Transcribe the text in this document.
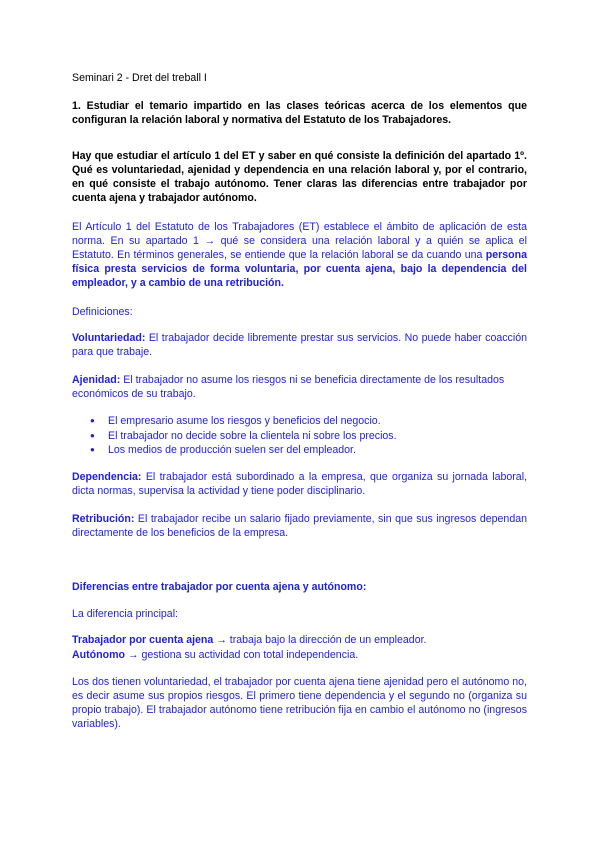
Seminari 2 - Dret del treball I

1. Estudiar el temario impartido en las clases teóricas acerca de los elementos que configuran la relación laboral y normativa del Estatuto de los Trabajadores.

Hay que estudiar el artículo 1 del ET y saber en qué consiste la definición del apartado 1º. Qué es voluntariedad, ajenidad y dependencia en una relación laboral y, por el contrario, en qué consiste el trabajo autónomo. Tener claras las diferencias entre trabajador por cuenta ajena y trabajador autónomo.

El Artículo 1 del Estatuto de los Trabajadores (ET) establece el ámbito de aplicación de esta norma. En su apartado 1 → qué se considera una relación laboral y a quién se aplica el Estatuto. En términos generales, se entiende que la relación laboral se da cuando una persona física presta servicios de forma voluntaria, por cuenta ajena, bajo la dependencia del empleador, y a cambio de una retribución.

Definiciones:

Voluntariedad: El trabajador decide libremente prestar sus servicios. No puede haber coacción para que trabaje.

Ajenidad: El trabajador no asume los riesgos ni se beneficia directamente de los resultados económicos de su trabajo.

● El empresario asume los riesgos y beneficios del negocio.
● El trabajador no decide sobre la clientela ni sobre los precios.
● Los medios de producción suelen ser del empleador.

Dependencia: El trabajador está subordinado a la empresa, que organiza su jornada laboral, dicta normas, supervisa la actividad y tiene poder disciplinario.

Retribución: El trabajador recibe un salario fijado previamente, sin que sus ingresos dependan directamente de los beneficios de la empresa.

Diferencias entre trabajador por cuenta ajena y autónomo:

La diferencia principal:

Trabajador por cuenta ajena → trabaja bajo la dirección de un empleador.

Autónomo → gestiona su actividad con total independencia.

Los dos tienen voluntariedad, el trabajador por cuenta ajena tiene ajenidad pero el autónomo no, es decir asume sus propios riesgos. El primero tiene dependencia y el segundo no (organiza su propio trabajo). El trabajador autónomo tiene retribución fija en cambio el autónomo no (ingresos variables).
